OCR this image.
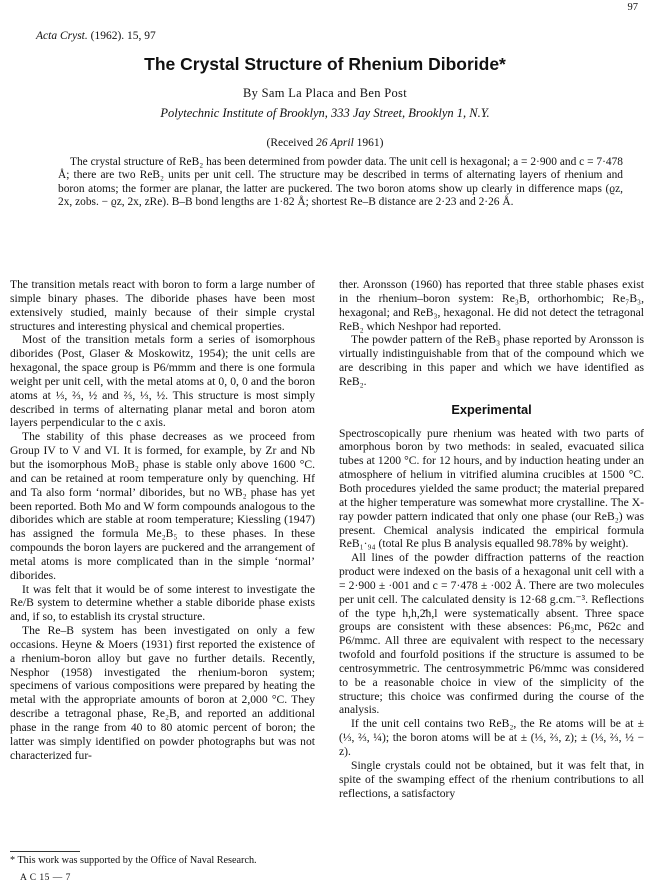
97
Acta Cryst. (1962). 15, 97
The Crystal Structure of Rhenium Diboride*
By Sam La Placa and Ben Post
Polytechnic Institute of Brooklyn, 333 Jay Street, Brooklyn 1, N.Y.
(Received 26 April 1961)
The crystal structure of ReB₂ has been determined from powder data. The unit cell is hexagonal; a = 2·900 and c = 7·478 Å; there are two ReB₂ units per unit cell. The structure may be described in terms of alternating layers of rhenium and boron atoms; the former are planar, the latter are puckered. The two boron atoms show up clearly in difference maps (ϱz, 2x, zobs. − ϱz, 2x, zRe). B–B bond lengths are 1·82 Å; shortest Re–B distance are 2·23 and 2·26 Å.

The transition metals react with boron to form a large number of simple binary phases. The diboride phases have been most extensively studied, mainly because of their simple crystal structures and interesting physical and chemical properties.

Most of the transition metals form a series of isomorphous diborides (Post, Glaser & Moskowitz, 1954); the unit cells are hexagonal, the space group is P6/mmm and there is one formula weight per unit cell, with the metal atoms at 0, 0, 0 and the boron atoms at ⅓, ⅔, ½ and ⅔, ⅓, ½. This structure is most simply described in terms of alternating planar metal and boron atom layers perpendicular to the c axis.

The stability of this phase decreases as we proceed from Group IV to V and VI. It is formed, for example, by Zr and Nb but the isomorphous MoB₂ phase is stable only above 1600 °C. and can be retained at room temperature only by quenching. Hf and Ta also form ‘normal’ diborides, but no WB₂ phase has yet been reported. Both Mo and W form compounds analogous to the diborides which are stable at room temperature; Kiessling (1947) has assigned the formula Me₂B₅ to these phases. In these compounds the boron layers are puckered and the arrangement of metal atoms is more complicated than in the simple ‘normal’ diborides.

It was felt that it would be of some interest to investigate the Re/B system to determine whether a stable diboride phase exists and, if so, to establish its crystal structure.

The Re–B system has been investigated on only a few occasions. Heyne & Moers (1931) first reported the existence of a rhenium-boron alloy but gave no further details. Recently, Nesphor (1958) investigated the rhenium-boron system; specimens of various compositions were prepared by heating the metal with the appropriate amounts of boron at 2,000 °C. They describe a tetragonal phase, Re₂B, and reported an additional phase in the range from 40 to 80 atomic percent of boron; the latter was simply identified on powder photographs but was not characterized fur-

ther. Aronsson (1960) has reported that three stable phases exist in the rhenium–boron system: Re₃B, orthorhombic; Re₇B₃, hexagonal; and ReB₃, hexagonal. He did not detect the tetragonal ReB₂ which Neshpor had reported.

The powder pattern of the ReB₃ phase reported by Aronsson is virtually indistinguishable from that of the compound which we are describing in this paper and which we have identified as ReB₂.

Experimental

Spectroscopically pure rhenium was heated with two parts of amorphous boron by two methods: in sealed, evacuated silica tubes at 1200 °C. for 12 hours, and by induction heating under an atmosphere of helium in vitrified alumina crucibles at 1500 °C. Both procedures yielded the same product; the material prepared at the higher temperature was somewhat more crystalline. The X-ray powder pattern indicated that only one phase (our ReB₂) was present. Chemical analysis indicated the empirical formula ReB₁·₉₄ (total Re plus B analysis equalled 98.78% by weight).

All lines of the powder diffraction patterns of the reaction product were indexed on the basis of a hexagonal unit cell with a = 2·900 ± ·001 and c = 7·478 ± ·002 Å. There are two molecules per unit cell. The calculated density is 12·68 g.cm.⁻³. Reflections of the type h,h,2̄h,l were systematically absent. Three space groups are consistent with these absences: P6₃mc, P6̄2c and P6/mmc. All three are equivalent with respect to the necessary twofold and fourfold positions if the structure is assumed to be centrosymmetric. The centrosymmetric P6/mmc was considered to be a reasonable choice in view of the simplicity of the structure; this choice was confirmed during the course of the analysis.

If the unit cell contains two ReB₂, the Re atoms will be at ± (⅓, ⅔, ¼); the boron atoms will be at ± (⅓, ⅔, z); ± (⅓, ⅔, ½ − z).

Single crystals could not be obtained, but it was felt that, in spite of the swamping effect of the rhenium contributions to all reflections, a satisfactory

* This work was supported by the Office of Naval Research.
A C 15 — 7
